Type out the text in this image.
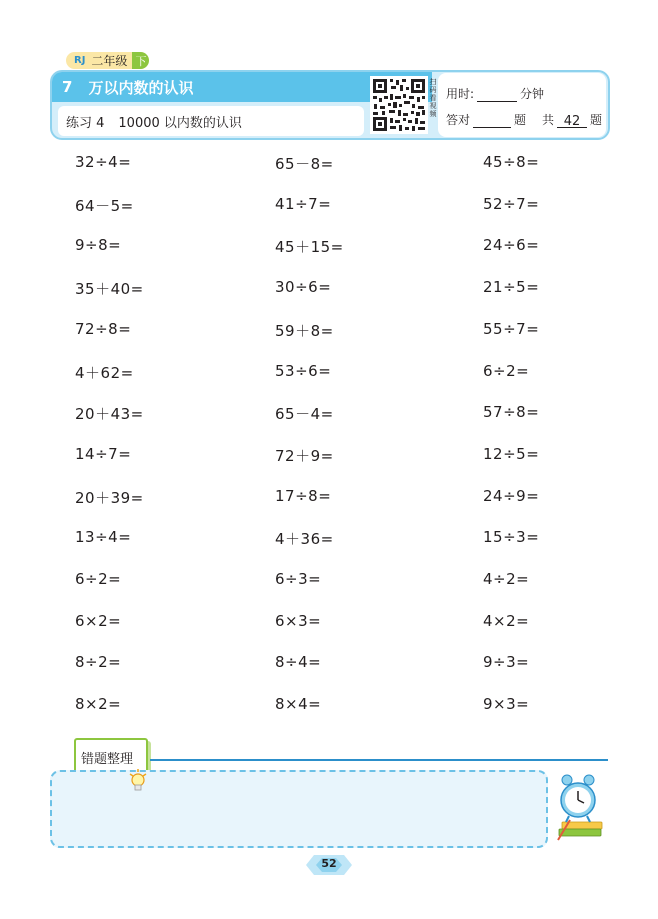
RJ 二年级 下
7 万以内数的认识
练习 4 10000 以内数的认识
扫码看视频
用时:	分钟
答对	题 共 42 题
32÷4=	65－8=	45÷8=
64－5=	41÷7=	52÷7=
9÷8=	45＋15=	24÷6=
35＋40=	30÷6=	21÷5=
72÷8=	59＋8=	55÷7=
4＋62=	53÷6=	6÷2=
20＋43=	65－4=	57÷8=
14÷7=	72＋9=	12÷5=
20＋39=	17÷8=	24÷9=
13÷4=	4＋36=	15÷3=
6÷2=	6÷3=	4÷2=
6×2=	6×3=	4×2=
8÷2=	8÷4=	9÷3=
8×2=	8×4=	9×3=
错题整理
52
